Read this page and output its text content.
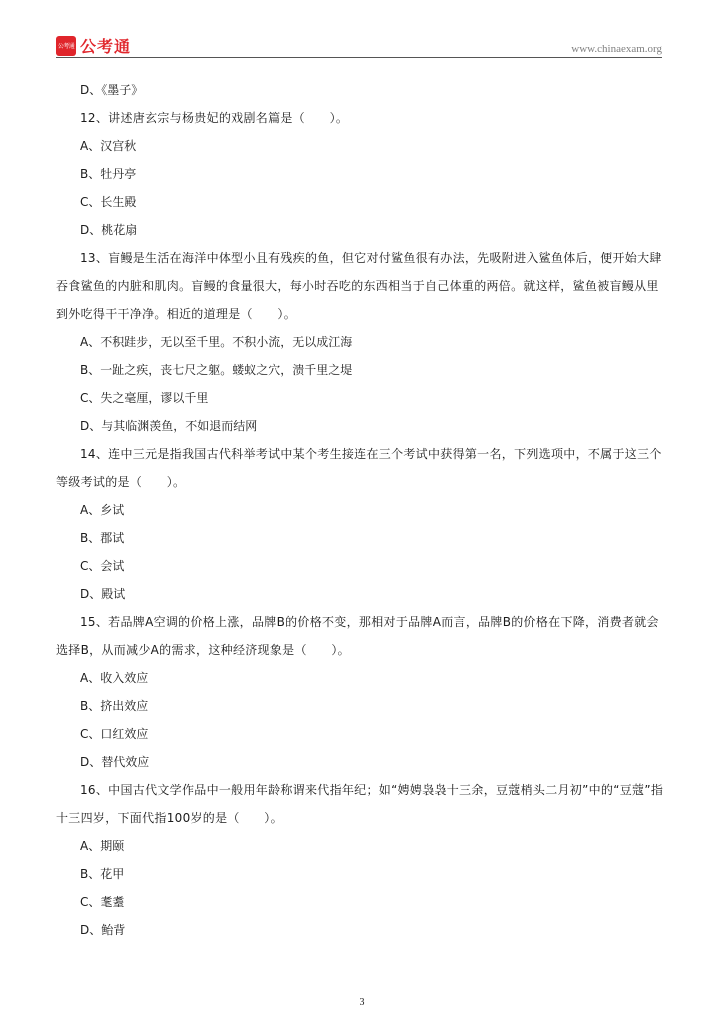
公考通 公考通	www.chinaexam.org
D、《墨子》
12、讲述唐玄宗与杨贵妃的戏剧名篇是（　　）。
A、汉宫秋
B、牡丹亭
C、长生殿
D、桃花扇
13、盲鳗是生活在海洋中体型小且有残疾的鱼，但它对付鲨鱼很有办法，先吸附进入鲨鱼体后，便开始大肆吞食鲨鱼的内脏和肌肉。盲鳗的食量很大，每小时吞吃的东西相当于自己体重的两倍。就这样，鲨鱼被盲鳗从里到外吃得干干净净。相近的道理是（　　）。
A、不积跬步，无以至千里。不积小流，无以成江海
B、一趾之疾，丧七尺之躯。蝼蚁之穴，溃千里之堤
C、失之毫厘，谬以千里
D、与其临渊羡鱼，不如退而结网
14、连中三元是指我国古代科举考试中某个考生接连在三个考试中获得第一名，下列选项中，不属于这三个等级考试的是（　　）。
A、乡试
B、郡试
C、会试
D、殿试
15、若品牌A空调的价格上涨，品牌B的价格不变，那相对于品牌A而言，品牌B的价格在下降，消费者就会选择B，从而减少A的需求，这种经济现象是（　　）。
A、收入效应
B、挤出效应
C、口红效应
D、替代效应
16、中国古代文学作品中一般用年龄称谓来代指年纪；如“娉娉袅袅十三余，豆蔻梢头二月初”中的“豆蔻”指十三四岁，下面代指100岁的是（　　）。
A、期颐
B、花甲
C、耄耋
D、鲐背
3
